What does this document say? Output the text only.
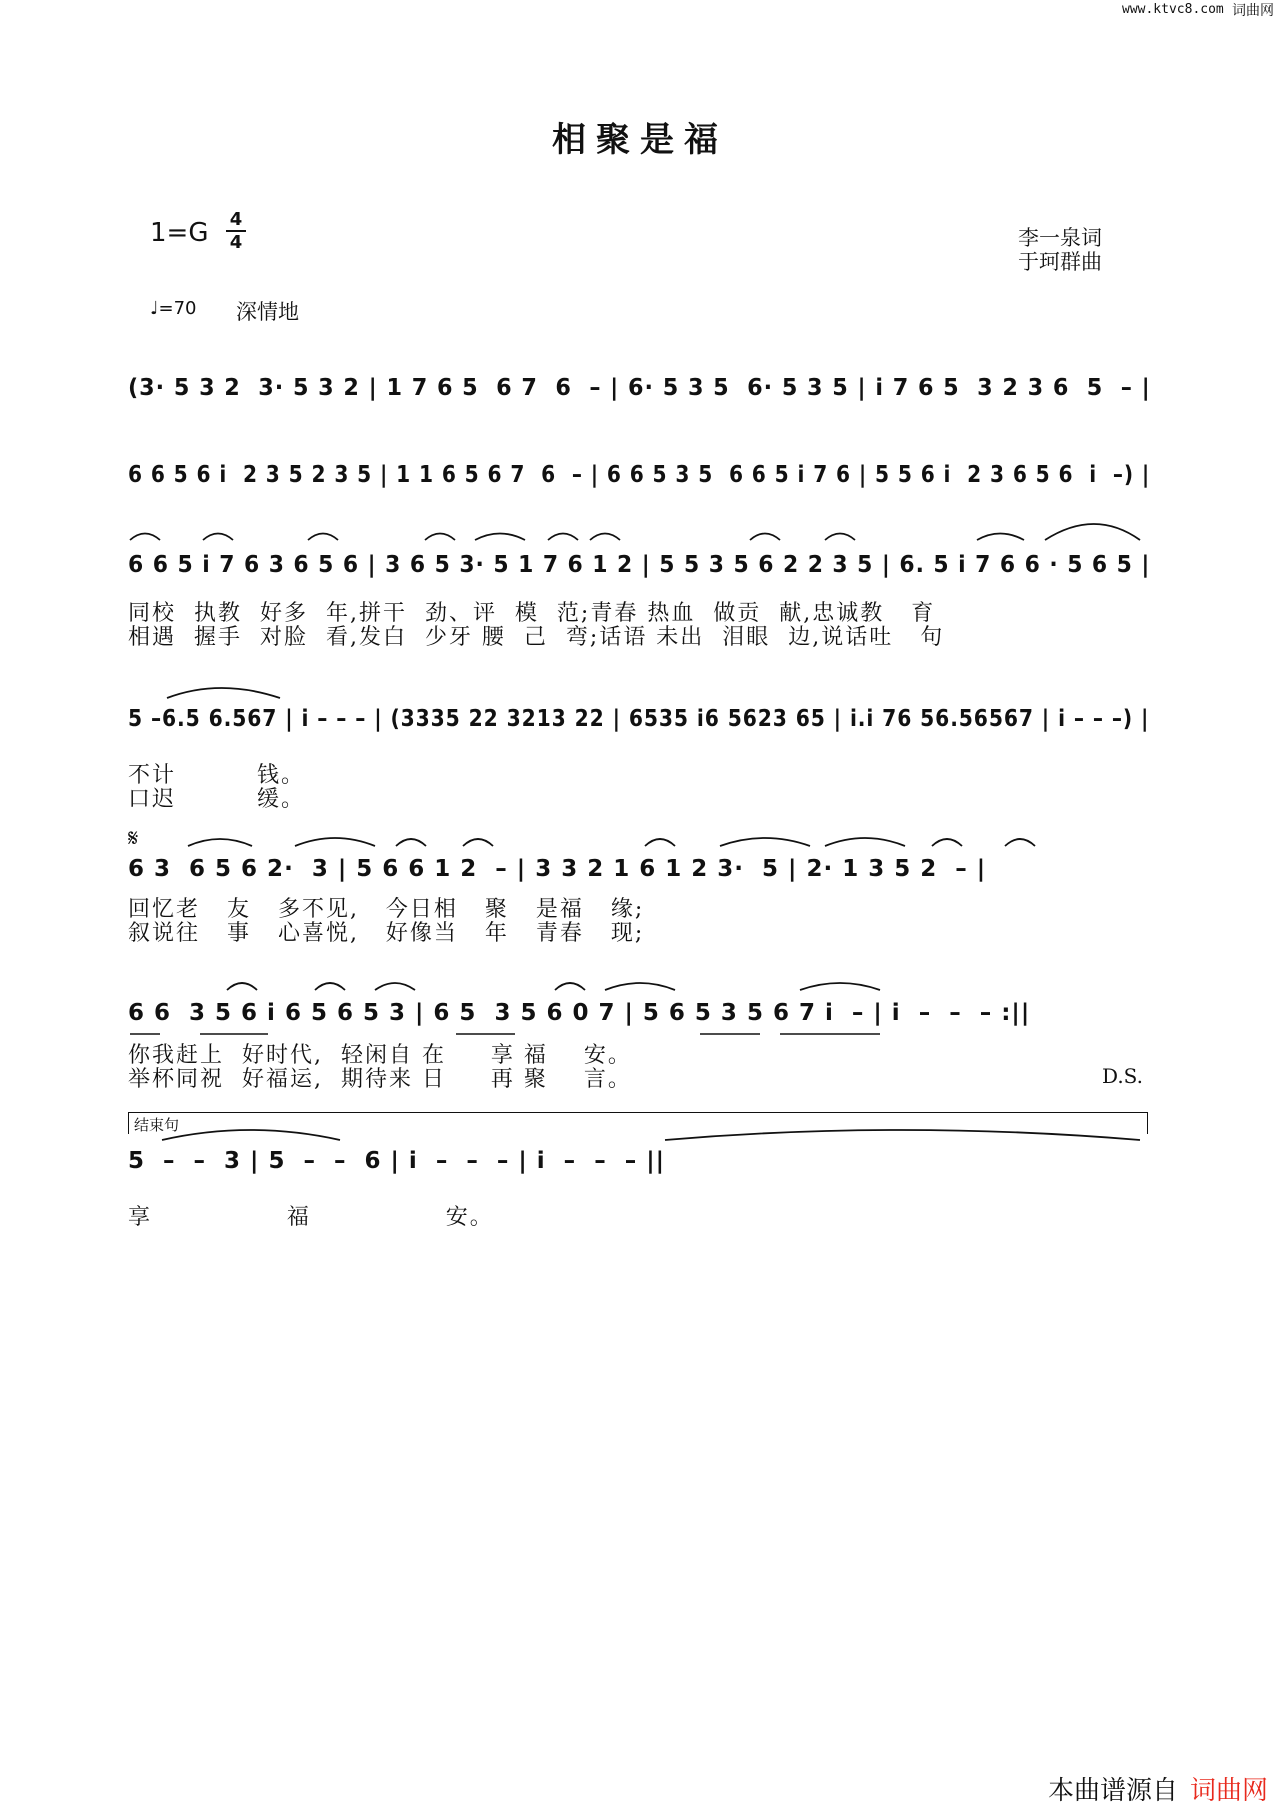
www.ktvc8.com 词曲网
相聚是福
1=G 4
4	李一泉词
于珂群曲
♩=70 深情地
(3· 5 3 2  3· 5 3 2 | 1 7 6 5  6 7  6  – | 6· 5 3 5  6· 5 3 5 | i 7 6 5  3 2 3 6  5  – |
6 6 5 6 i  2 3 5 2 3 5 | 1 1 6 5 6 7  6  – | 6 6 5 3 5  6 6 5 i 7 6 | 5 5 6 i  2 3 6 5 6  i  –) |
6 6 5 i 7 6 3 6 5 6 | 3 6 5 3· 5 1 7 6 1 2 | 5 5 3 5 6 2 2 3 5 | 6. 5 i 7 6 6 · 5 6 5 |
同校  执教  好多  年,拼干  劲、评  模  范;青春 热血  做贡  献,忠诚教   育
相遇  握手  对脸  看,发白  少牙 腰  己  弯;话语 未出  泪眼  边,说话吐   句
5 –6.5 6.567 | i – – – | (3335 22 3213 22 | 6535 i6 5623 65 | i.i 76 56.56567 | i – – –) |
不计         钱。
口迟         缓。
𝄋
6 3  6 5 6 2·  3 | 5 6 6 1 2  – | 3 3 2 1 6 1 2 3·  5 | 2· 1 3 5 2  – |
回忆老   友   多不见,   今日相   聚   是福   缘;
叙说往   事   心喜悦,   好像当   年   青春   现;
6 6  3 5 6 i 6 5 6 5 3 | 6 5  3 5 6 0 7 | 5 6 5 3 5 6 7 i  – | i  –  –  – :||
你我赶上  好时代,  轻闲自 在     享 福    安。
举杯同祝  好福运,  期待来 日     再 聚    言。	D.S.
结束句
5  –  –  3 | 5  –  –  6 | i  –  –  – | i  –  –  – ||
享               福               安。
本曲谱源自 词曲网
